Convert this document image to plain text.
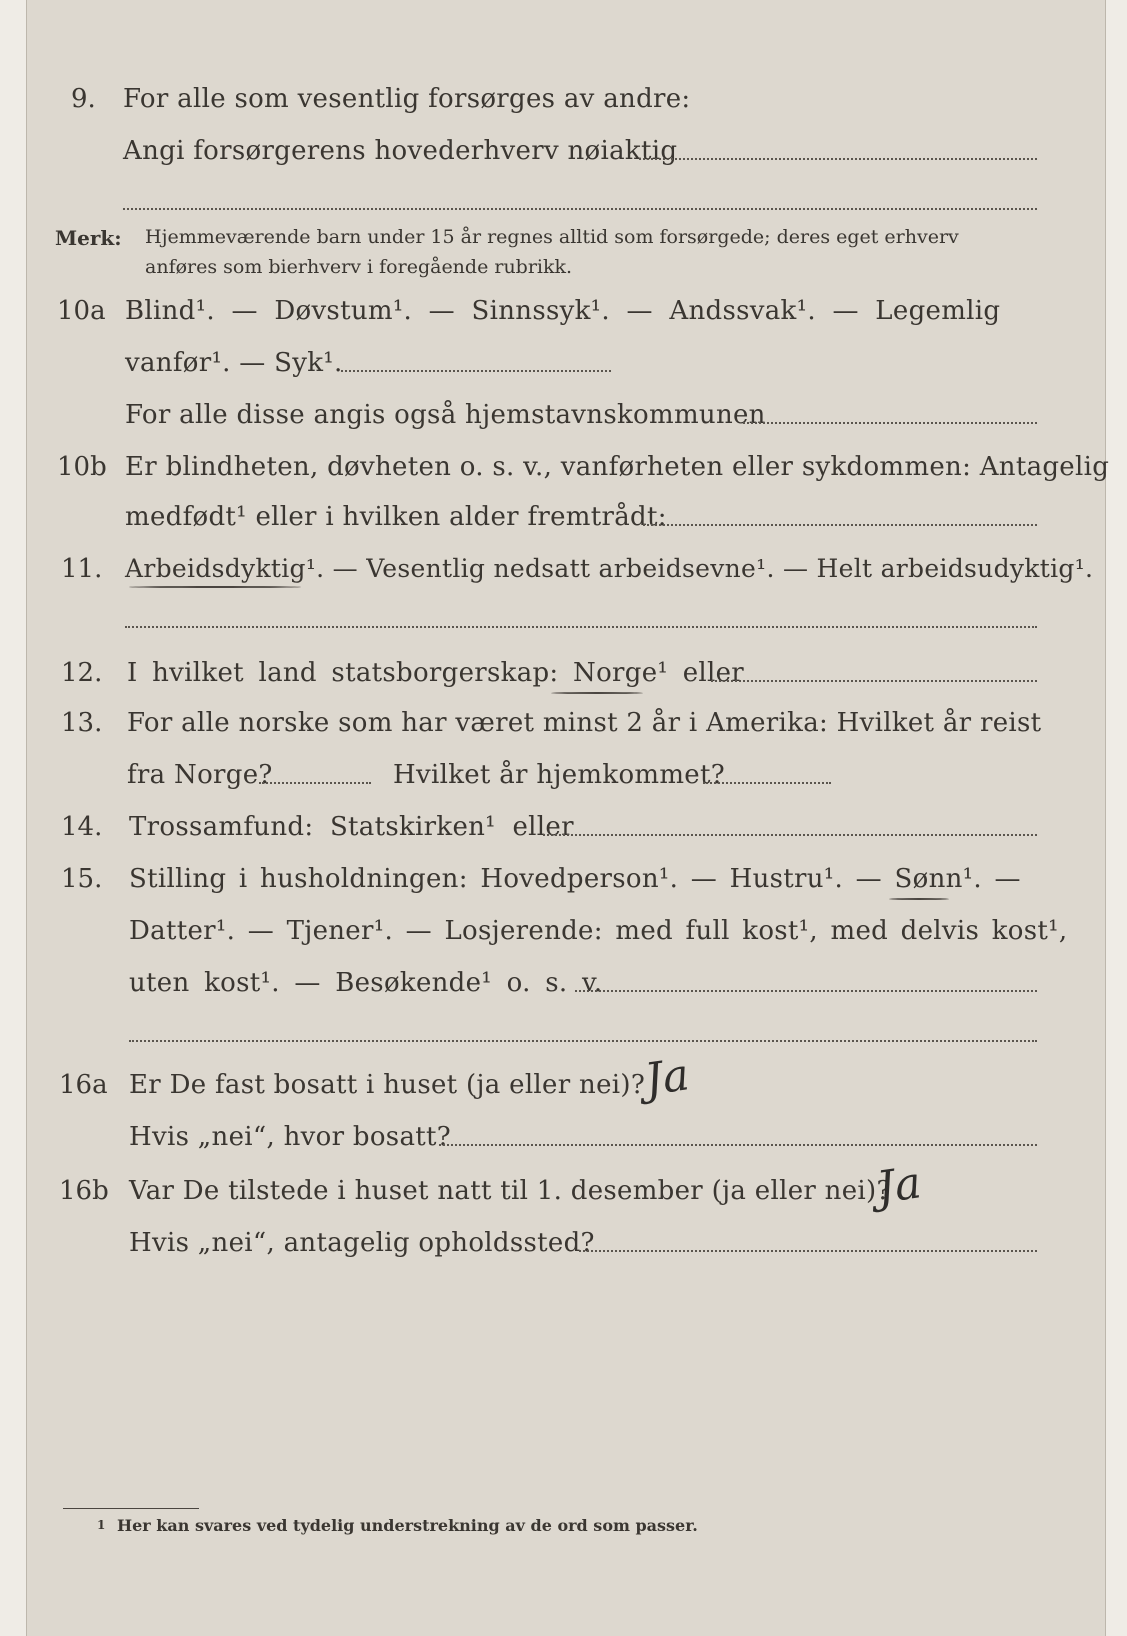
9. For alle som vesentlig forsørges av andre:
Angi forsørgerens hovederhverv nøiaktig
Merk: Hjemmeværende barn under 15 år regnes alltid som forsørgede; deres eget erhverv
anføres som bierhverv i foregående rubrikk.
10a Blind¹. — Døvstum¹. — Sinnssyk¹. — Andssvak¹. — Legemlig
vanfør¹. — Syk¹.
For alle disse angis også hjemstavnskommunen
10b Er blindheten, døvheten o. s. v., vanførheten eller sykdommen: Antagelig
medfødt¹ eller i hvilken alder fremtrådt:
11. Arbeidsdyktig¹. — Vesentlig nedsatt arbeidsevne¹. — Helt arbeidsudyktig¹.
12. I hvilket land statsborgerskap: Norge¹ eller
13. For alle norske som har været minst 2 år i Amerika: Hvilket år reist
fra Norge?	Hvilket år hjemkommet?
14. Trossamfund: Statskirken¹ eller
15. Stilling i husholdningen: Hovedperson¹. — Hustru¹. — Sønn¹. —
Datter¹. — Tjener¹. — Losjerende: med full kost¹, med delvis kost¹,
uten kost¹. — Besøkende¹ o. s. v.
16a Er De fast bosatt i huset (ja eller nei)?
Ja
Hvis „nei“, hvor bosatt?
16b Var De tilstede i huset natt til 1. desember (ja eller nei)?
Ja
Hvis „nei“, antagelig opholdssted?
1 Her kan svares ved tydelig understrekning av de ord som passer.
